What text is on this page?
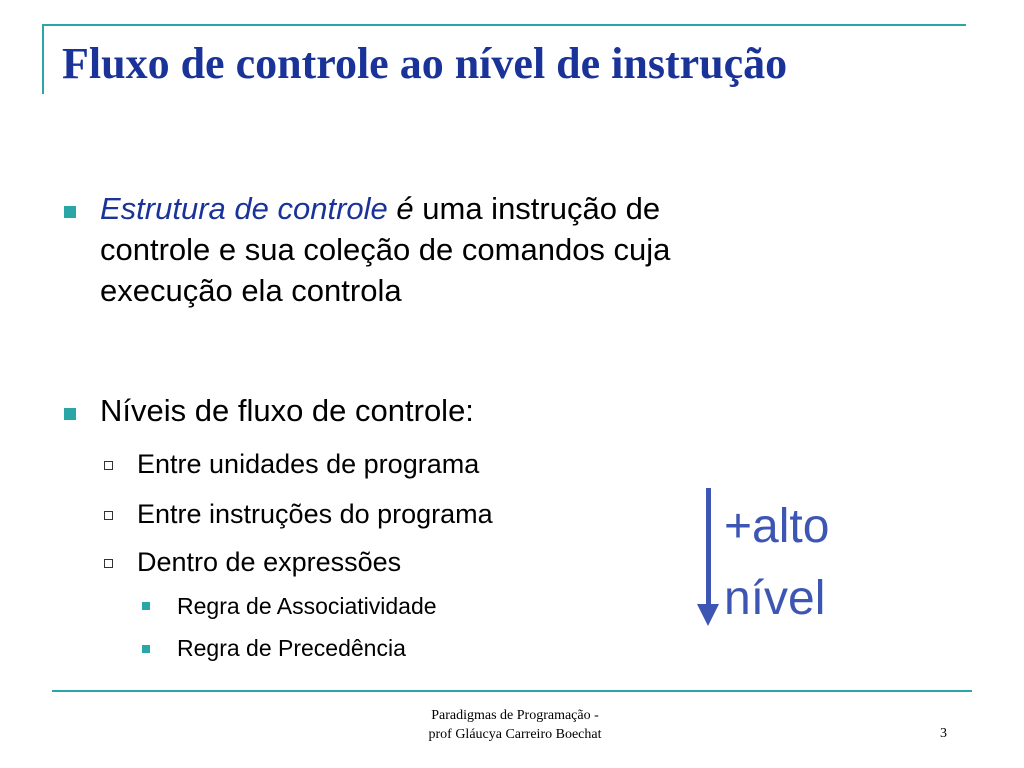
Fluxo de controle ao nível de instrução
Estrutura de controle é uma instrução de
controle e sua coleção de comandos cuja
execução ela controla
Níveis de fluxo de controle:
Entre unidades de programa
Entre instruções do programa
Dentro de expressões
Regra de Associatividade
Regra de Precedência
+alto
nível
Paradigmas de Programação -
prof Gláucya Carreiro Boechat	3
